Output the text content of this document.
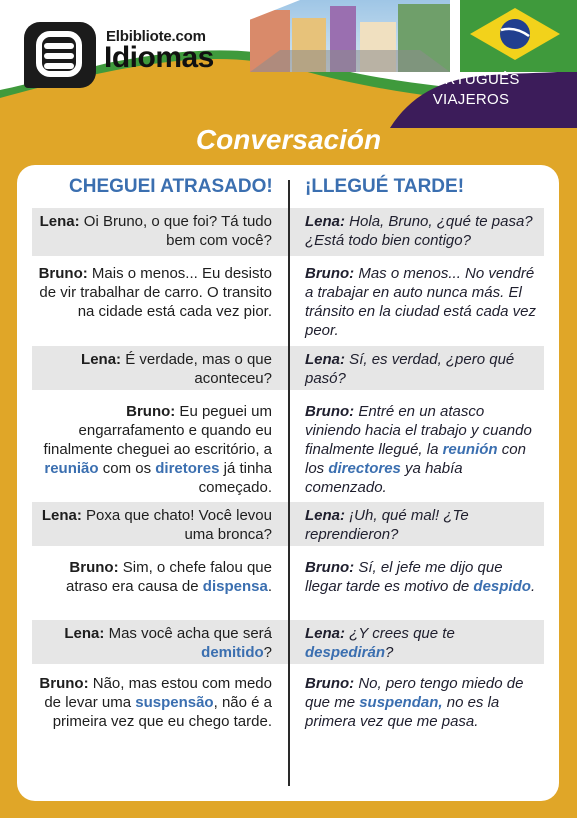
Elbibliote.com
Idiomas
PORTUGUÉS
VIAJEROS
Conversación
CHEGUEI ATRASADO! ¡LLEGUÉ TARDE!
Lena: Oi Bruno, o que foi? Tá tudo bem com você?
Lena: Hola, Bruno, ¿qué te pasa? ¿Está todo bien contigo?
Bruno: Mais o menos... Eu desisto de vir trabalhar de carro. O transito na cidade está cada vez pior.
Bruno: Mas o menos... No vendré a trabajar en auto nunca más. El tránsito en la ciudad está cada vez peor.
Lena: É verdade, mas o que aconteceu?
Lena: Sí, es verdad, ¿pero qué pasó?
Bruno: Eu peguei um engarrafamento e quando eu finalmente cheguei ao escritório, a reunião com os diretores já tinha começado.
Bruno: Entré en un atasco viniendo hacia el trabajo y cuando finalmente llegué, la reunión con los directores ya había comenzado.
Lena: Poxa que chato! Você levou uma bronca?
Lena: ¡Uh, qué mal! ¿Te reprendieron?
Bruno: Sim, o chefe falou que atraso era causa de dispensa.
Bruno: Sí, el jefe me dijo que llegar tarde es motivo de despido.
Lena: Mas você acha que será demitido?
Lena: ¿Y crees que te despedirán?
Bruno: Não, mas estou com medo de levar uma suspensão, não é a primeira vez que eu chego tarde.
Bruno: No, pero tengo miedo de que me suspendan, no es la primera vez que me pasa.
